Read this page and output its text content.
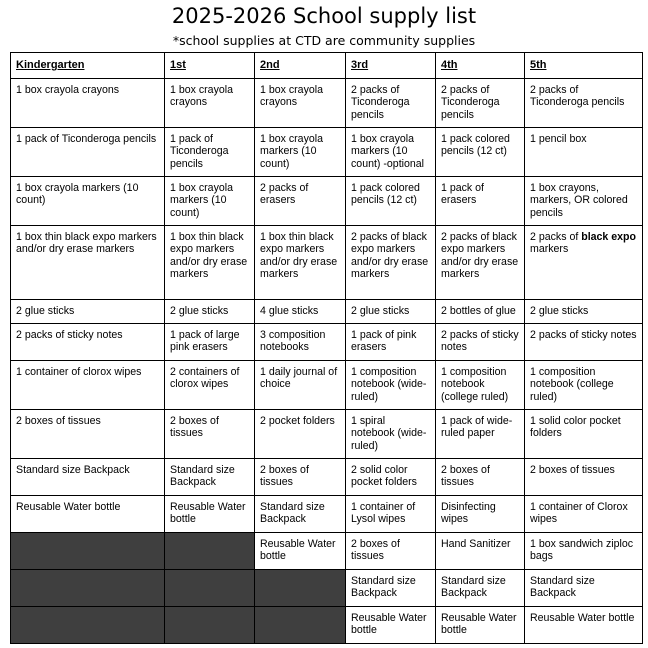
2025-2026 School supply list
*school supplies at CTD are community supplies
Kindergarten	1st	2nd	3rd	4th	5th
1 box crayola crayons	1 box crayola crayons	1 box crayola crayons	2 packs of Ticonderoga pencils	2 packs of Ticonderoga pencils	2 packs of Ticonderoga pencils
1 pack of Ticonderoga pencils	1 pack of Ticonderoga pencils	1 box crayola markers (10 count)	1 box crayola markers (10 count) -optional	1 pack colored pencils (12 ct)	1 pencil box
1 box crayola markers (10 count)	1 box crayola markers (10 count)	2 packs of erasers	1 pack colored pencils (12 ct)	1 pack of erasers	1 box crayons, markers, OR colored pencils
1 box thin black expo markers and/or dry erase markers	1 box thin black expo markers and/or dry erase markers	1 box thin black expo markers and/or dry erase markers	2 packs of black expo markers and/or dry erase markers	2 packs of black expo markers and/or dry erase markers	2 packs of black expo markers
2 glue sticks	2 glue sticks	4 glue sticks	2 glue sticks	2 bottles of glue	2 glue sticks
2 packs of sticky notes	1 pack of large pink erasers	3 composition notebooks	1 pack of pink erasers	2 packs of sticky notes	2 packs of sticky notes
1 container of clorox wipes	2 containers of clorox wipes	1 daily journal of choice	1 composition notebook (wide-ruled)	1 composition notebook (college ruled)	1 composition notebook (college ruled)
2 boxes of tissues	2 boxes of tissues	2 pocket folders	1 spiral notebook (wide-ruled)	1 pack of wide-ruled paper	1 solid color pocket folders
Standard size Backpack	Standard size Backpack	2 boxes of tissues	2 solid color pocket folders	2 boxes of tissues	2 boxes of tissues
Reusable Water bottle	Reusable Water bottle	Standard size Backpack	1 container of Lysol wipes	Disinfecting wipes	1 container of Clorox wipes
		Reusable Water bottle	2 boxes of tissues	Hand Sanitizer	1 box sandwich ziploc bags
			Standard size Backpack	Standard size Backpack	Standard size Backpack
			Reusable Water bottle	Reusable Water bottle	Reusable Water bottle
